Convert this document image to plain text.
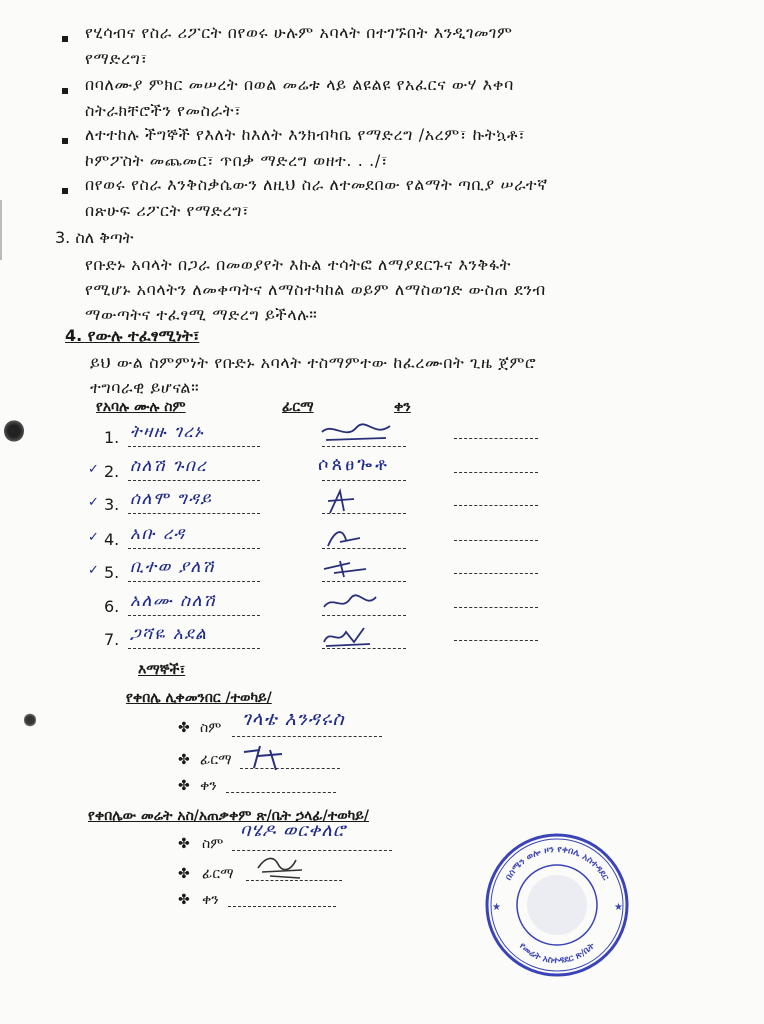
የሂሳብና የስራ ሪፖርት በየወሩ ሁሉም አባላት በተገኙበት እንዲገመገም
የማድረግ፣
በባለሙያ ምክር መሠረት በወል መሬቱ ላይ ልዩልዩ የአፈርና ውሃ እቀባ
ስትራክቸሮችን የመስራት፣
ለተተከሉ ችግኞች የእለት ከእለት እንክብካቤ የማድረግ /አረም፣ ኩትኳቶ፣
ኮምፖስት መጨመር፣ ጥበቃ ማድረግ ወዘተ. . ./፣
በየወሩ የስራ እንቅስቃሴውን ለዚህ ስራ ለተመደበው የልማት ጣቢያ ሠራተኛ
በጽሁፍ ሪፖርት የማድረግ፣
3. ስለ ቅጣት
የቡድኑ አባላት በጋራ በመወያየት እኩል ተሳትፎ ለማያደርጉና እንቅፋት
የሚሆኑ አባላትን ለመቀጣትና ለማስተካከል ወይም ለማስወገድ ውስጠ ደንብ
ማውጣትና ተፈፃሚ ማድረግ ይችላሉ።
4. የውሉ ተፈፃሚነት፣
ይህ ውል ስምምነት የቡድኑ አባላት ተስማምተው ከፈረሙበት ጊዜ ጀምሮ
ተግባራዊ ይሆናል።
የአባሉ ሙሉ ስም	ፊርማ	ቀን
1. ትዛዙ ገረኑ
✓ 2. ስለሽ ጉበረ	ሶጰፀጐቶ
✓ 3. ሰለሞ ግዳይ
✓ 4. አቡ ረዳ
✓ 5. ቢተወ ያለሽ
6. አለሙ ስለሽ
7. ጋሻዬ አደል
እማኞች፣
የቀበሌ ሊቀመንበር /ተወካይ/
✤ ስም ገላቴ እንዳሩስ
✤ ፊርማ
✤ ቀን
የቀበሌው መሬት አስ/አጠቃቀም ጽ/ቤት ኃላፊ/ተወካይ/
✤ ስም
ባሄዶ ወርቀለሮ
✤ ፊርማ
✤ ቀን
በሰሜን ወሎ ዞን የቀበሌ አስተዳደር
የመሬት አስተዳደር ጽ/ቤት
★	★
